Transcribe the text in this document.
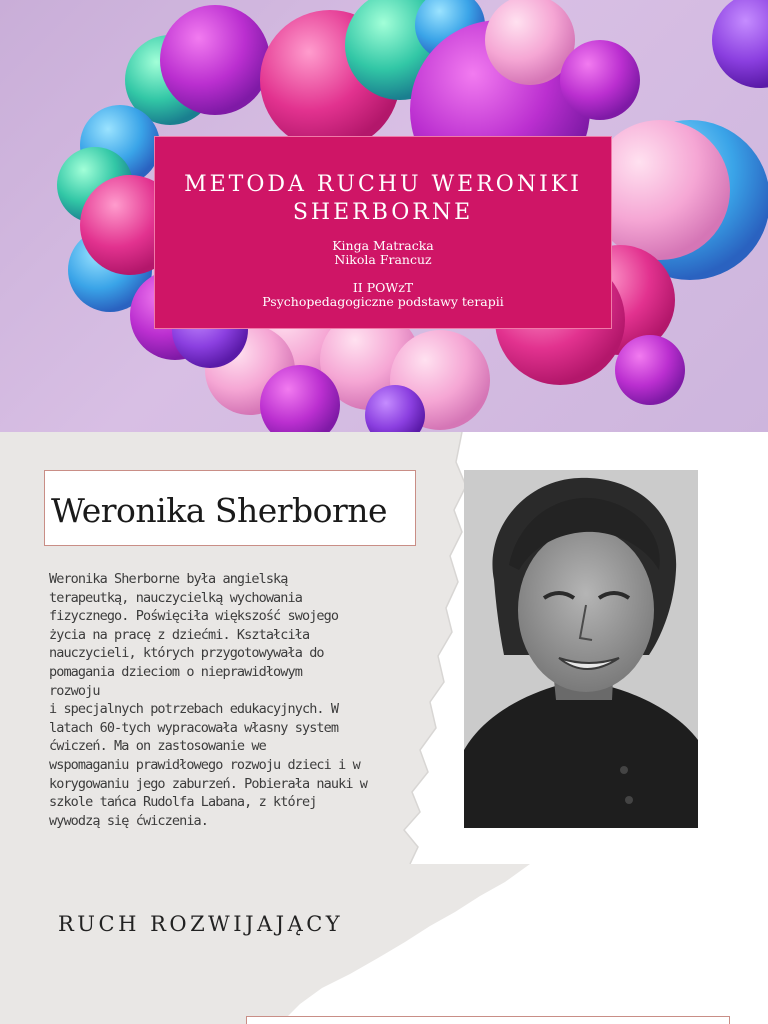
METODA RUCHU WERONIKI SHERBORNE
Kinga Matracka
Nikola Francuz
II POWzT
Psychopedagogiczne podstawy terapii
Weronika Sherborne

Weronika Sherborne była angielską

terapeutką, nauczycielką wychowania

fizycznego. Poświęciła większość swojego

życia na pracę z dziećmi. Kształciła

nauczycieli, których przygotowywała do

pomagania dzieciom o nieprawidłowym

rozwoju

i specjalnych potrzebach edukacyjnych. W

latach 60-tych wypracowała własny system

ćwiczeń. Ma on zastosowanie we

wspomaganiu prawidłowego rozwoju dzieci i w

korygowaniu jego zaburzeń. Pobierała nauki w

szkole tańca Rudolfa Labana, z której

wywodzą się ćwiczenia.

RUCH ROZWIJAJĄCY
